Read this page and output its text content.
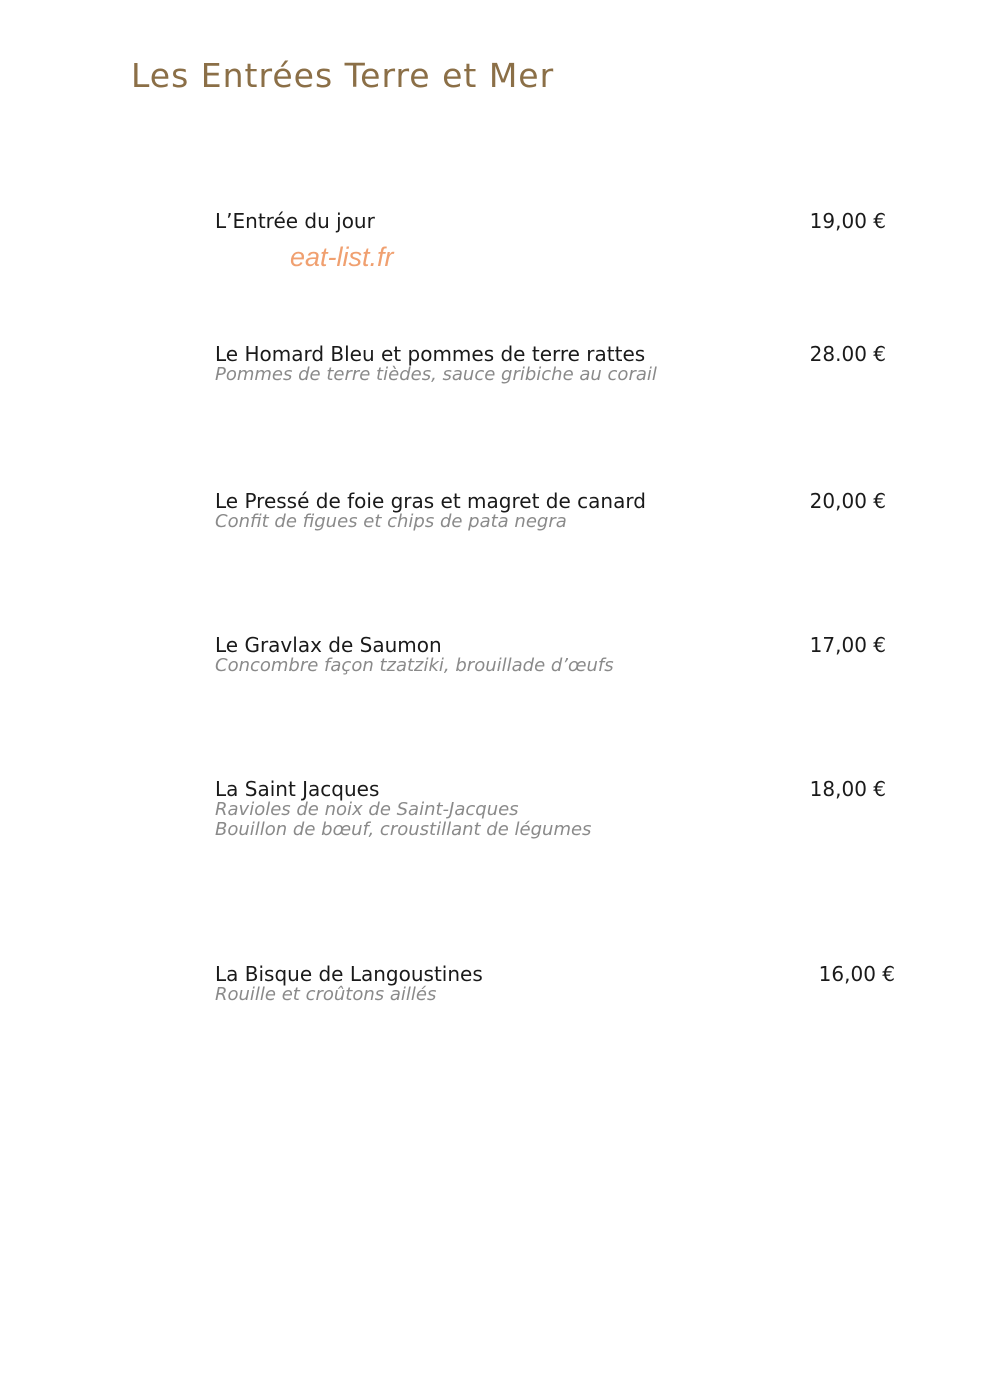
Les Entrées Terre et Mer
eat-list.fr
L’Entrée du jour	19,00 €
Le Homard Bleu et pommes de terre rattes
Pommes de terre tièdes, sauce gribiche au corail
28.00 €
Le Pressé de foie gras et magret de canard
Confit de figues et chips de pata negra
20,00 €
Le Gravlax de Saumon
Concombre façon tzatziki, brouillade d’œufs
17,00 €
La Saint Jacques
Ravioles de noix de Saint-Jacques
Bouillon de bœuf, croustillant de légumes
18,00 €
La Bisque de Langoustines
Rouille et croûtons aillés
16,00 €
